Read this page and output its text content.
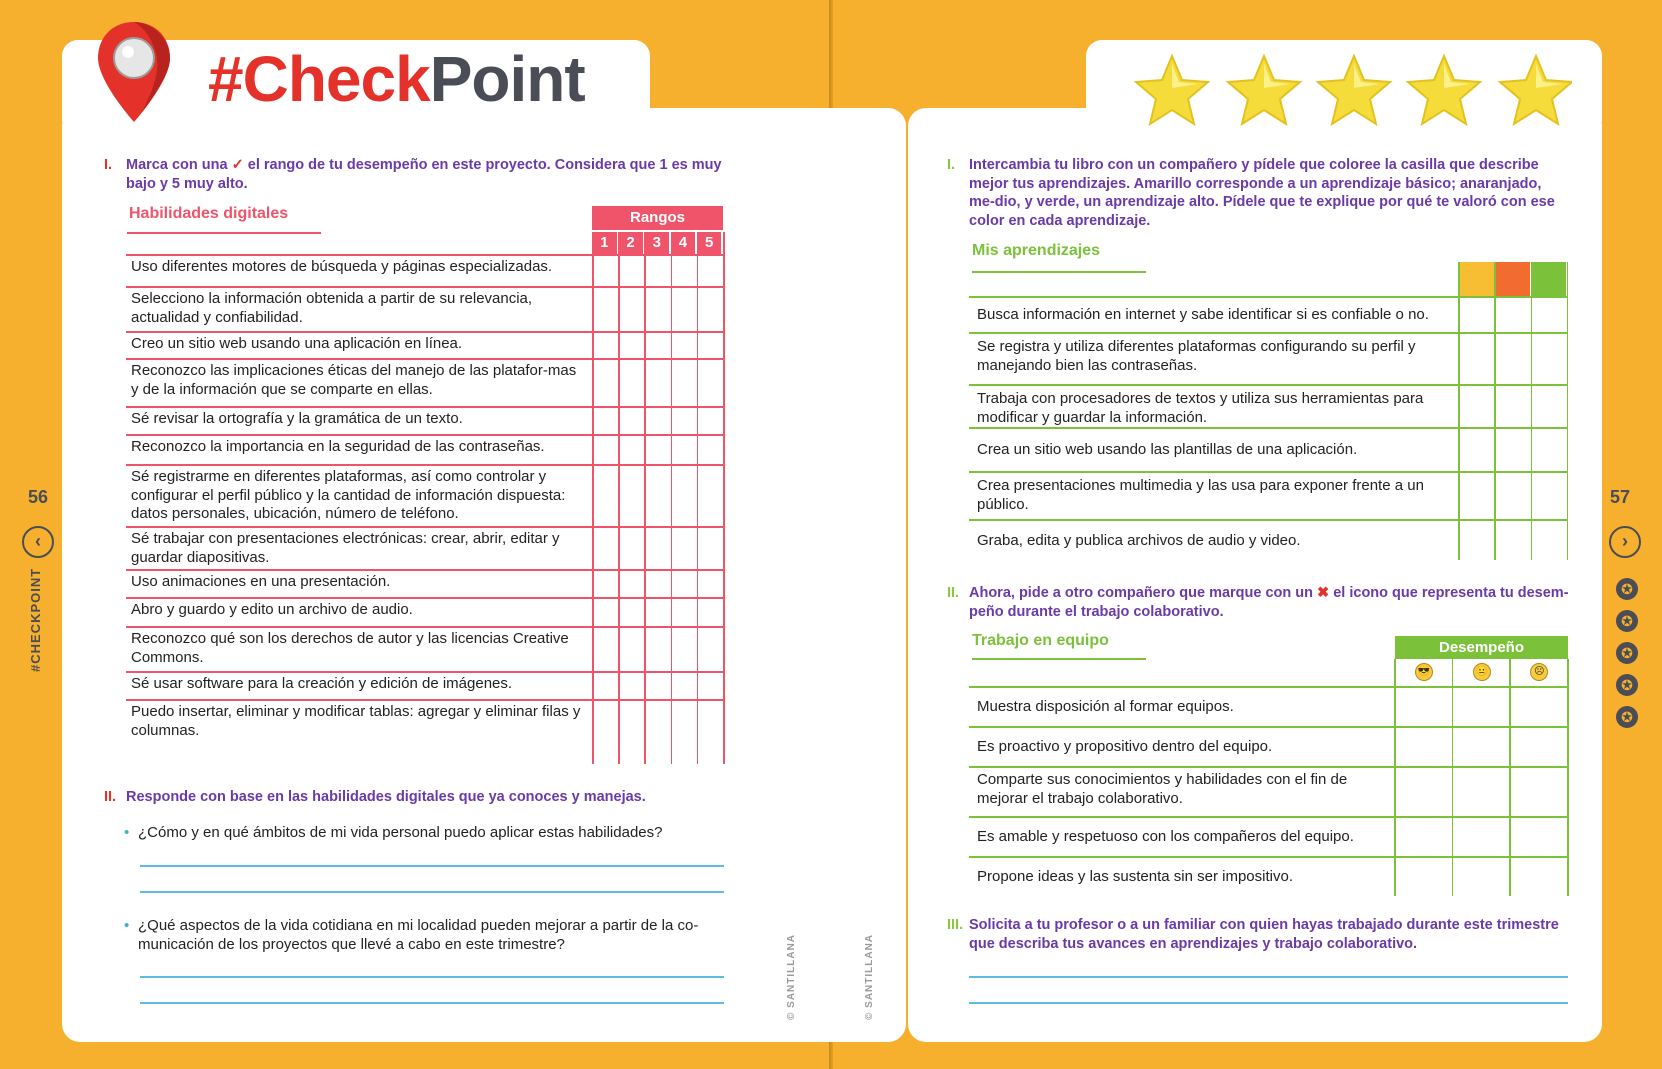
#CheckPoint
56
‹
#CHECKPOINT
57
›
✪
✪
✪
✪
✪
© SANTILLANA	© SANTILLANA
I. Marca con una ✓ el rango de tu desempeño en este proyecto. Considera que 1 es muy bajo y 5 muy alto.
Habilidades digitales	Rangos
1	2	3	4	5
Uso diferentes motores de búsqueda y páginas especializadas.
Selecciono la información obtenida a partir de su relevancia, actualidad y confiabilidad.
Creo un sitio web usando una aplicación en línea.
Reconozco las implicaciones éticas del manejo de las platafor-mas y de la información que se comparte en ellas.
Sé revisar la ortografía y la gramática de un texto.
Reconozco la importancia en la seguridad de las contraseñas.
Sé registrarme en diferentes plataformas, así como controlar y configurar el perfil público y la cantidad de información dispuesta: datos personales, ubicación, número de teléfono.
Sé trabajar con presentaciones electrónicas: crear, abrir, editar y guardar diapositivas.
Uso animaciones en una presentación.
Abro y guardo y edito un archivo de audio.
Reconozco qué son los derechos de autor y las licencias Creative Commons.
Sé usar software para la creación y edición de imágenes.
Puedo insertar, eliminar y modificar tablas: agregar y eliminar filas y columnas.
II. Responde con base en las habilidades digitales que ya conoces y manejas.
• ¿Cómo y en qué ámbitos de mi vida personal puedo aplicar estas habilidades?
• ¿Qué aspectos de la vida cotidiana en mi localidad pueden mejorar a partir de la co-municación de los proyectos que llevé a cabo en este trimestre?
I. Intercambia tu libro con un compañero y pídele que coloree la casilla que describe mejor tus aprendizajes. Amarillo corresponde a un aprendizaje básico; anaranjado, me-dio, y verde, un aprendizaje alto. Pídele que te explique por qué te valoró con ese color en cada aprendizaje.
Mis aprendizajes
Busca información en internet y sabe identificar si es confiable o no.
Se registra y utiliza diferentes plataformas configurando su perfil y manejando bien las contraseñas.
Trabaja con procesadores de textos y utiliza sus herramientas para modificar y guardar la información.
Crea un sitio web usando las plantillas de una aplicación.
Crea presentaciones multimedia y las usa para exponer frente a un público.
Graba, edita y publica archivos de audio y video.
II. Ahora, pide a otro compañero que marque con un ✖ el icono que representa tu desem-peño durante el trabajo colaborativo.
Trabajo en equipo	Desempeño
😎	😐	☹
Muestra disposición al formar equipos.
Es proactivo y propositivo dentro del equipo.
Comparte sus conocimientos y habilidades con el fin de mejorar el trabajo colaborativo.
Es amable y respetuoso con los compañeros del equipo.
Propone ideas y las sustenta sin ser impositivo.
III. Solicita a tu profesor o a un familiar con quien hayas trabajado durante este trimestre que describa tus avances en aprendizajes y trabajo colaborativo.
